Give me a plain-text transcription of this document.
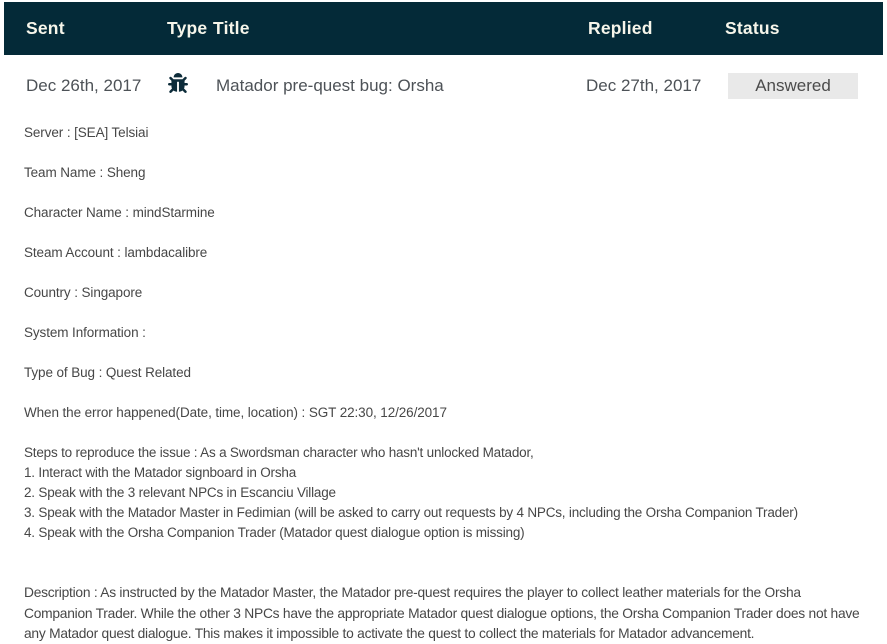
Sent	Type Title	Replied	Status
Dec 26th, 2017	Matador pre-quest bug: Orsha	Dec 27th, 2017	Answered

Server : [SEA] Telsiai

Team Name : Sheng

Character Name : mindStarmine

Steam Account : lambdacalibre

Country : Singapore

System Information :

Type of Bug : Quest Related

When the error happened(Date, time, location) : SGT 22:30, 12/26/2017

Steps to reproduce the issue : As a Swordsman character who hasn't unlocked Matador,
1. Interact with the Matador signboard in Orsha
2. Speak with the 3 relevant NPCs in Escanciu Village
3. Speak with the Matador Master in Fedimian (will be asked to carry out requests by 4 NPCs, including the Orsha Companion Trader)
4. Speak with the Orsha Companion Trader (Matador quest dialogue option is missing)

Description : As instructed by the Matador Master, the Matador pre-quest requires the player to collect leather materials for the Orsha Companion Trader. While the other 3 NPCs have the appropriate Matador quest dialogue options, the Orsha Companion Trader does not have any Matador quest dialogue. This makes it impossible to activate the quest to collect the materials for Matador advancement.
